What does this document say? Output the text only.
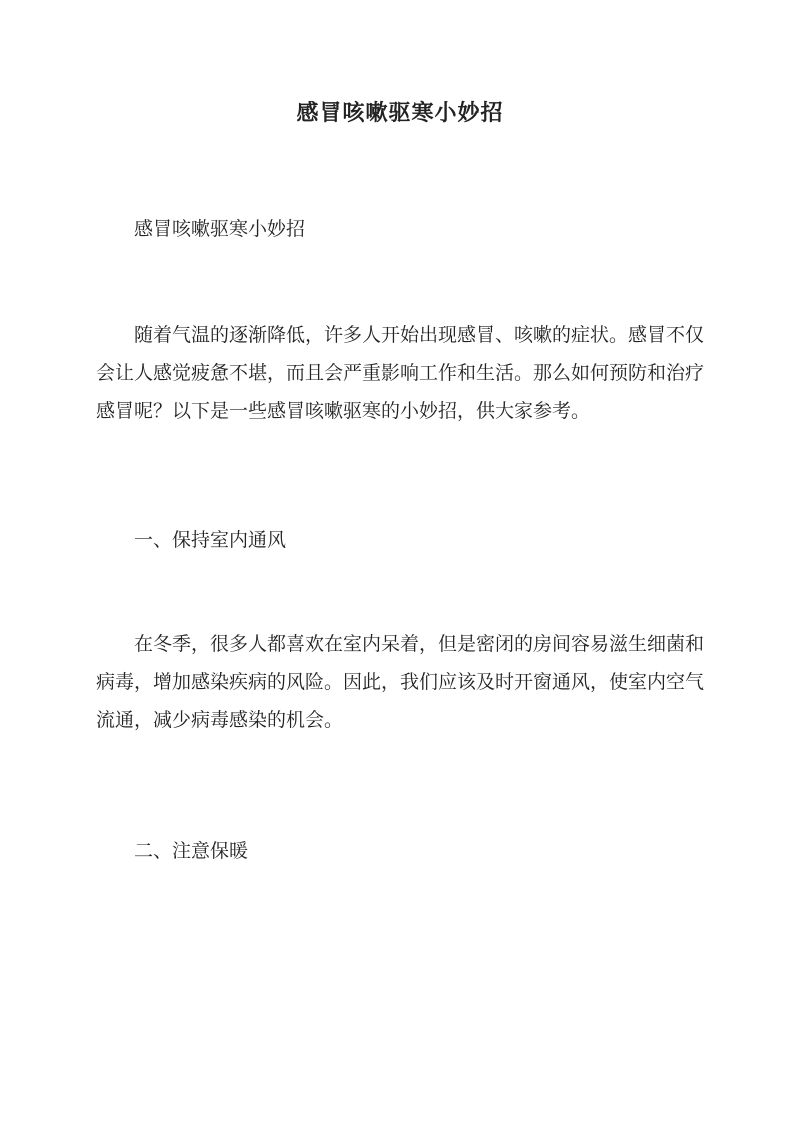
感冒咳嗽驱寒小妙招

感冒咳嗽驱寒小妙招

随着气温的逐渐降低，许多人开始出现感冒、咳嗽的症状。感冒不仅会让人感觉疲惫不堪，而且会严重影响工作和生活。那么如何预防和治疗感冒呢？以下是一些感冒咳嗽驱寒的小妙招，供大家参考。

一、保持室内通风

在冬季，很多人都喜欢在室内呆着，但是密闭的房间容易滋生细菌和病毒，增加感染疾病的风险。因此，我们应该及时开窗通风，使室内空气流通，减少病毒感染的机会。

二、注意保暖
